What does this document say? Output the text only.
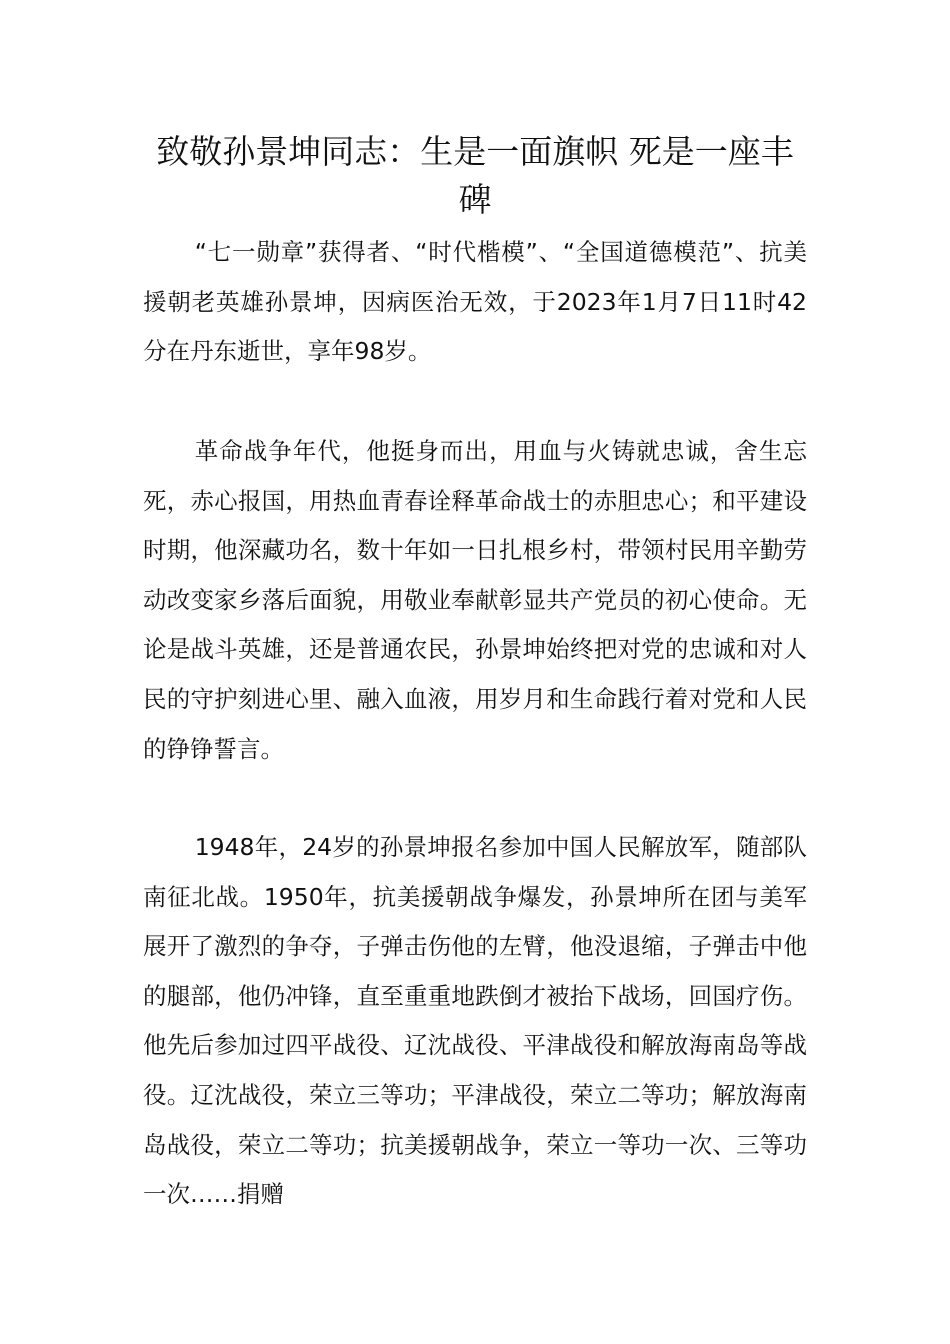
致敬孙景坤同志：生是一面旗帜 死是一座丰碑

“七一勋章”获得者、“时代楷模”、“全国道德模范”、抗美援朝老英雄孙景坤，因病医治无效，于2023年1月7日11时42分在丹东逝世，享年98岁。

革命战争年代，他挺身而出，用血与火铸就忠诚，舍生忘死，赤心报国，用热血青春诠释革命战士的赤胆忠心；和平建设时期，他深藏功名，数十年如一日扎根乡村，带领村民用辛勤劳动改变家乡落后面貌，用敬业奉献彰显共产党员的初心使命。无论是战斗英雄，还是普通农民，孙景坤始终把对党的忠诚和对人民的守护刻进心里、融入血液，用岁月和生命践行着对党和人民的铮铮誓言。

1948年，24岁的孙景坤报名参加中国人民解放军，随部队南征北战。1950年，抗美援朝战争爆发，孙景坤所在团与美军展开了激烈的争夺，子弹击伤他的左臂，他没退缩，子弹击中他的腿部，他仍冲锋，直至重重地跌倒才被抬下战场，回国疗伤。他先后参加过四平战役、辽沈战役、平津战役和解放海南岛等战役。辽沈战役，荣立三等功；平津战役，荣立二等功；解放海南岛战役，荣立二等功；抗美援朝战争，荣立一等功一次、三等功一次……捐赠
